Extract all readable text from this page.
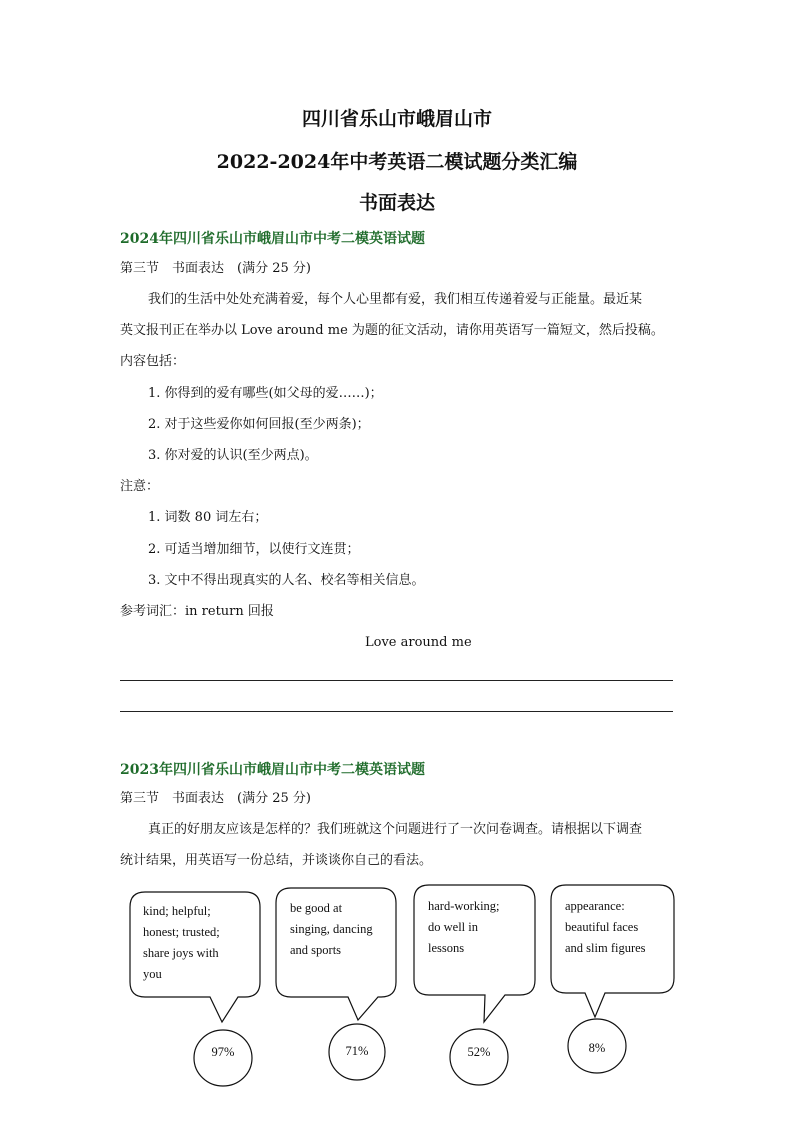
四川省乐山市峨眉山市
2022-2024年中考英语二模试题分类汇编
书面表达
2024年四川省乐山市峨眉山市中考二模英语试题
第三节　书面表达　(满分 25 分)
我们的生活中处处充满着爱，每个人心里都有爱，我们相互传递着爱与正能量。最近某
英文报刊正在举办以 Love around me 为题的征文活动，请你用英语写一篇短文，然后投稿。
内容包括：
1. 你得到的爱有哪些(如父母的爱……)；
2. 对于这些爱你如何回报(至少两条)；
3. 你对爱的认识(至少两点)。
注意：
1. 词数 80 词左右；
2. 可适当增加细节，以使行文连贯；
3. 文中不得出现真实的人名、校名等相关信息。
参考词汇：in return 回报
Love around me
2023年四川省乐山市峨眉山市中考二模英语试题
第三节　书面表达　(满分 25 分)
真正的好朋友应该是怎样的？我们班就这个问题进行了一次问卷调查。请根据以下调查
统计结果，用英语写一份总结，并谈谈你自己的看法。
kind; helpful;
honest; trusted;
share joys with
you
97%
be good at
singing, dancing
and sports
71%
hard-working;
do well in
lessons
52%
appearance:
beautiful faces
and slim figures
8%
